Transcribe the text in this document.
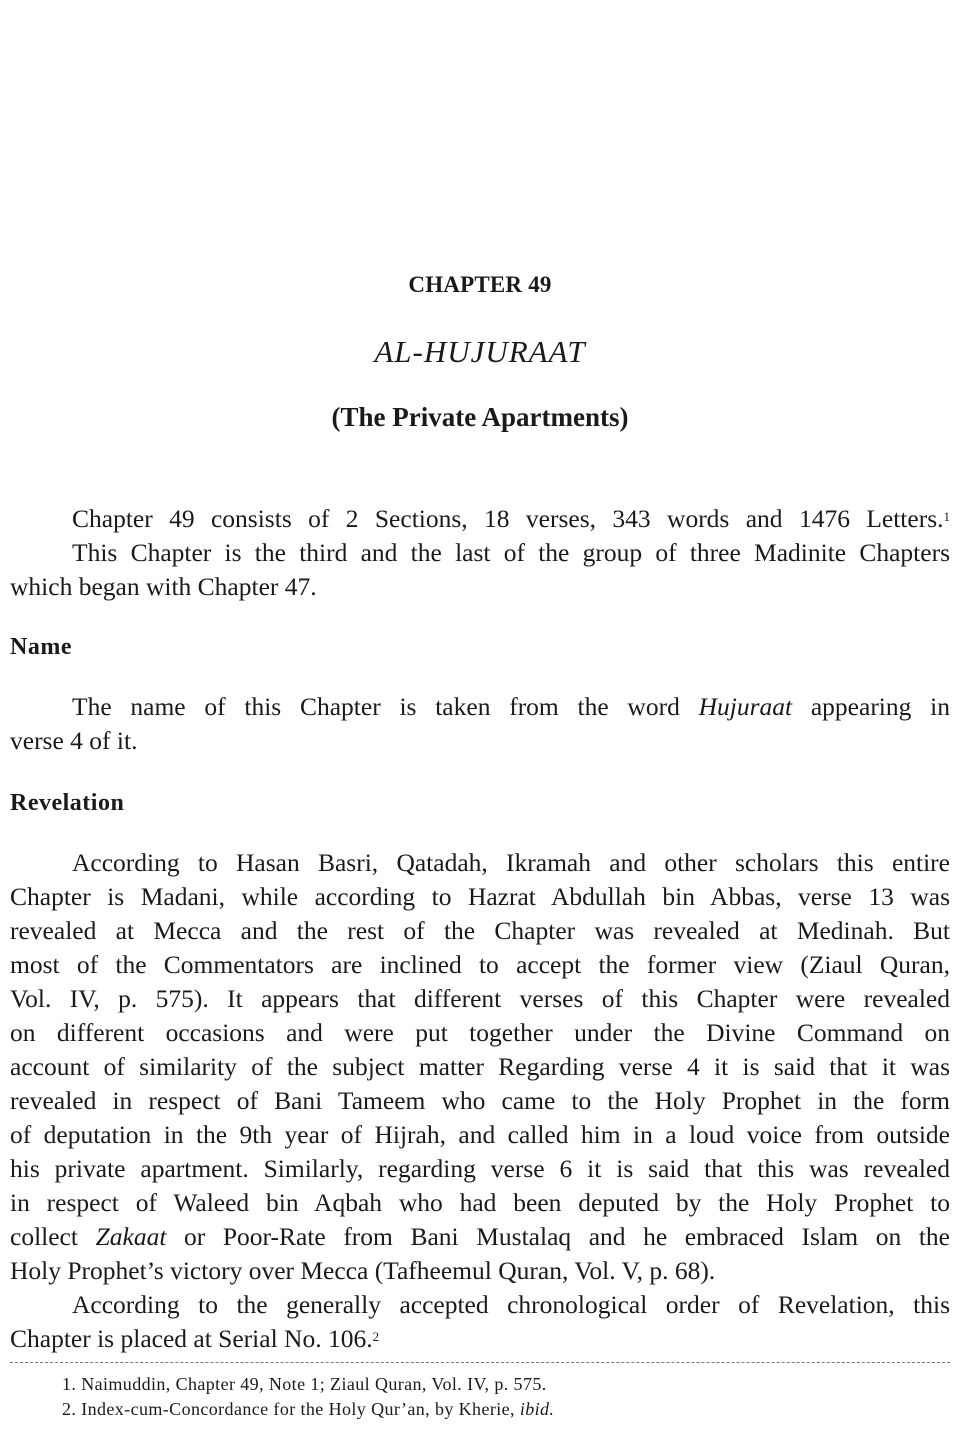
CHAPTER 49
AL-HUJURAAT
(The Private Apartments)
Chapter 49 consists of 2 Sections, 18 verses, 343 words and 1476 Letters.$^1$
This Chapter is the third and the last of the group of three Madinite Chapters
which began with Chapter 47.
Name
The name of this Chapter is taken from the word Hujuraat appearing in
verse 4 of it.
Revelation
According to Hasan Basri, Qatadah, Ikramah and other scholars this entire
Chapter is Madani, while according to Hazrat Abdullah bin Abbas, verse 13 was
revealed at Mecca and the rest of the Chapter was revealed at Medinah. But
most of the Commentators are inclined to accept the former view (Ziaul Quran,
Vol. IV, p. 575). It appears that different verses of this Chapter were revealed
on different occasions and were put together under the Divine Command on
account of similarity of the subject matter Regarding verse 4 it is said that it was
revealed in respect of Bani Tameem who came to the Holy Prophet in the form
of deputation in the 9th year of Hijrah, and called him in a loud voice from outside
his private apartment. Similarly, regarding verse 6 it is said that this was revealed
in respect of Waleed bin Aqbah who had been deputed by the Holy Prophet to
collect Zakaat or Poor-Rate from Bani Mustalaq and he embraced Islam on the
Holy Prophet’s victory over Mecca (Tafheemul Quran, Vol. V, p. 68).
According to the generally accepted chronological order of Revelation, this
Chapter is placed at Serial No. 106.$^2$
1. Naimuddin, Chapter 49, Note 1; Ziaul Quran, Vol. IV, p. 575.
2. Index-cum-Concordance for the Holy Qur’an, by Kherie, ibid.
